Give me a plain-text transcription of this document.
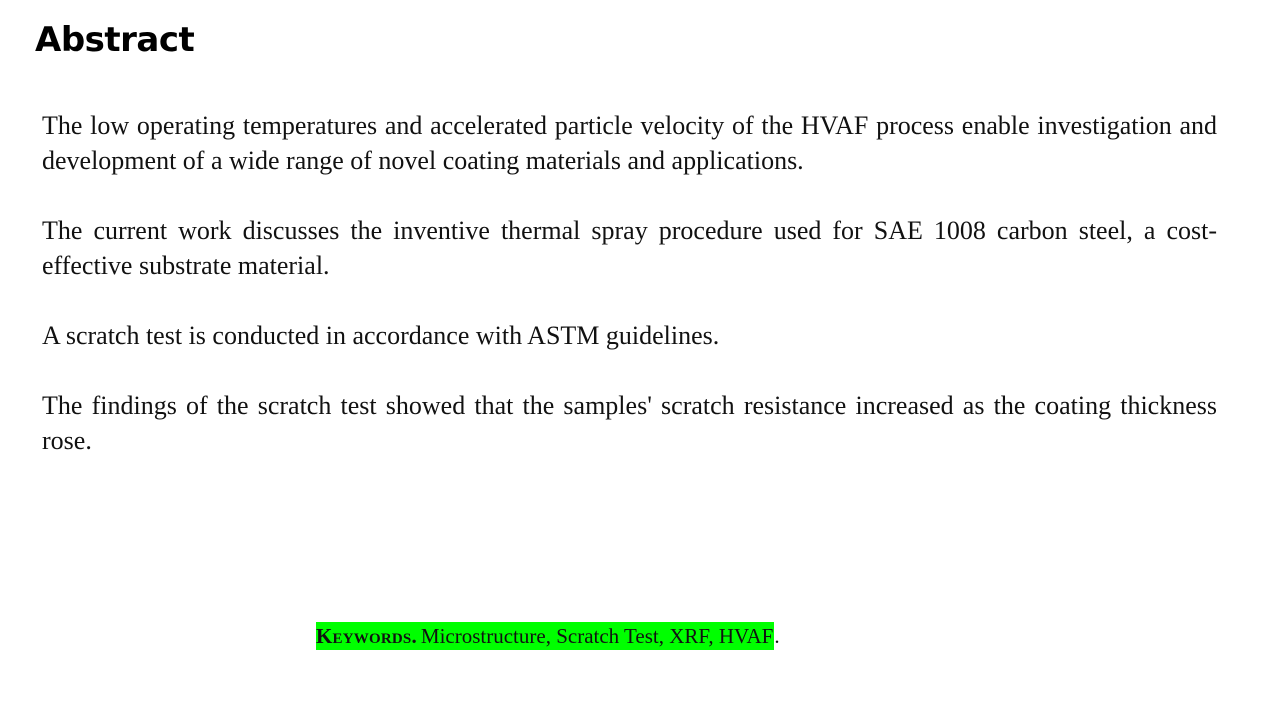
Abstract

The low operating temperatures and accelerated particle velocity of the HVAF process enable investigation and development of a wide range of novel coating materials and applications.

The current work discusses the inventive thermal spray procedure used for SAE 1008 carbon steel, a cost-effective substrate material.

A scratch test is conducted in accordance with ASTM guidelines.

The findings of the scratch test showed that the samples' scratch resistance increased as the coating thickness rose.

Keywords. Microstructure, Scratch Test, XRF, HVAF.
